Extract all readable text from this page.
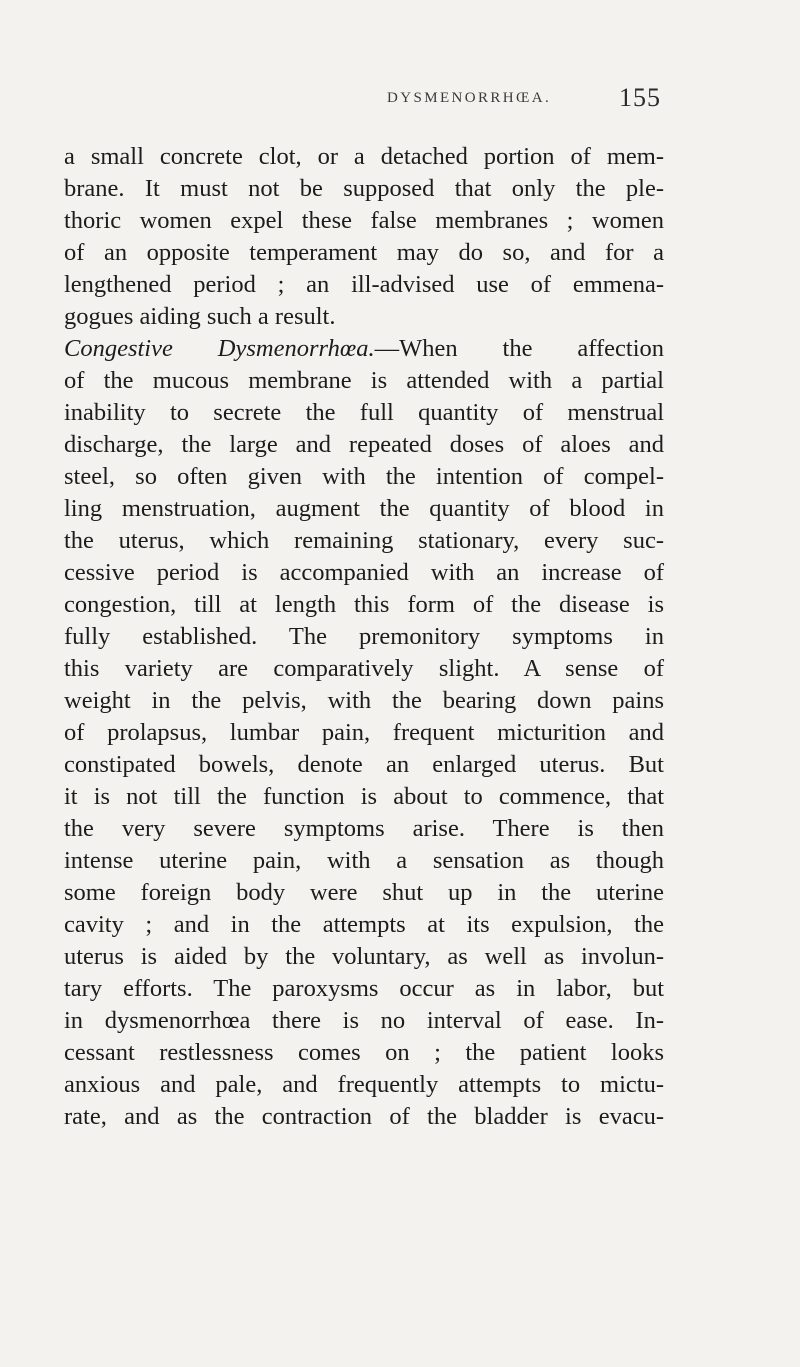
DYSMENORRHŒA.	155
a small concrete clot, or a detached portion of mem-
brane. It must not be supposed that only the ple-
thoric women expel these false membranes ; women
of an opposite temperament may do so, and for a
lengthened period ; an ill-advised use of emmena-
gogues aiding such a result.
Congestive Dysmenorrhœa.—When the affection
of the mucous membrane is attended with a partial
inability to secrete the full quantity of menstrual
discharge, the large and repeated doses of aloes and
steel, so often given with the intention of compel-
ling menstruation, augment the quantity of blood in
the uterus, which remaining stationary, every suc-
cessive period is accompanied with an increase of
congestion, till at length this form of the disease is
fully established. The premonitory symptoms in
this variety are comparatively slight. A sense of
weight in the pelvis, with the bearing down pains
of prolapsus, lumbar pain, frequent micturition and
constipated bowels, denote an enlarged uterus. But
it is not till the function is about to commence, that
the very severe symptoms arise. There is then
intense uterine pain, with a sensation as though
some foreign body were shut up in the uterine
cavity ; and in the attempts at its expulsion, the
uterus is aided by the voluntary, as well as involun-
tary efforts. The paroxysms occur as in labor, but
in dysmenorrhœa there is no interval of ease. In-
cessant restlessness comes on ; the patient looks
anxious and pale, and frequently attempts to mictu-
rate, and as the contraction of the bladder is evacu-
